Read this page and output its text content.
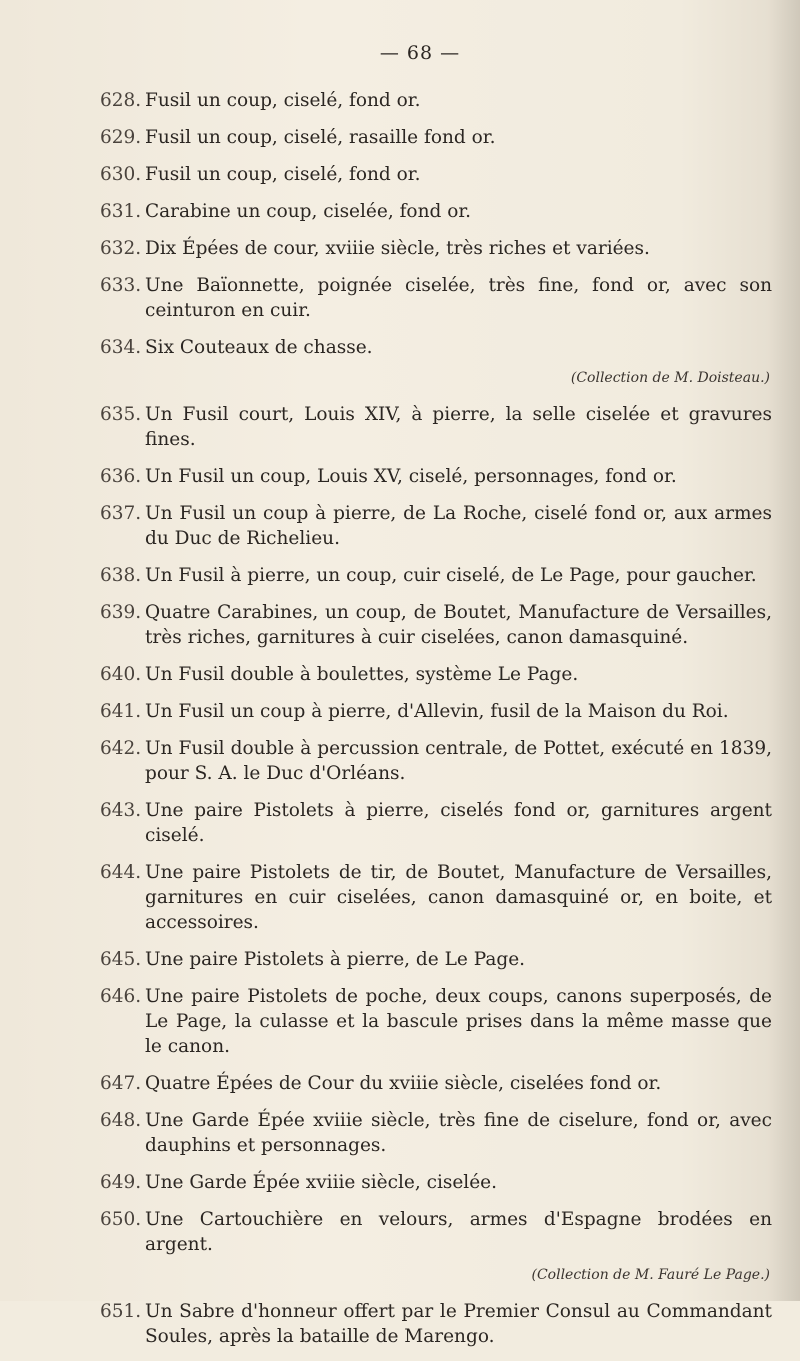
— 68 —
628. Fusil un coup, ciselé, fond or.
629. Fusil un coup, ciselé, rasaille fond or.
630. Fusil un coup, ciselé, fond or.
631. Carabine un coup, ciselée, fond or.
632. Dix Épées de cour, xviiie siècle, très riches et variées.
633. Une Baïonnette, poignée ciselée, très fine, fond or, avec son ceinturon en cuir.
634. Six Couteaux de chasse.
(Collection de M. Doisteau.)
635. Un Fusil court, Louis XIV, à pierre, la selle ciselée et gravures fines.
636. Un Fusil un coup, Louis XV, ciselé, personnages, fond or.
637. Un Fusil un coup à pierre, de La Roche, ciselé fond or, aux armes du Duc de Richelieu.
638. Un Fusil à pierre, un coup, cuir ciselé, de Le Page, pour gaucher.
639. Quatre Carabines, un coup, de Boutet, Manufacture de Versailles, très riches, garnitures à cuir ciselées, canon damasquiné.
640. Un Fusil double à boulettes, système Le Page.
641. Un Fusil un coup à pierre, d'Allevin, fusil de la Maison du Roi.
642. Un Fusil double à percussion centrale, de Pottet, exécuté en 1839, pour S. A. le Duc d'Orléans.
643. Une paire Pistolets à pierre, ciselés fond or, garnitures argent ciselé.
644. Une paire Pistolets de tir, de Boutet, Manufacture de Versailles, garnitures en cuir ciselées, canon damasquiné or, en boite, et accessoires.
645. Une paire Pistolets à pierre, de Le Page.
646. Une paire Pistolets de poche, deux coups, canons superposés, de Le Page, la culasse et la bascule prises dans la même masse que le canon.
647. Quatre Épées de Cour du xviiie siècle, ciselées fond or.
648. Une Garde Épée xviiie siècle, très fine de ciselure, fond or, avec dauphins et personnages.
649. Une Garde Épée xviiie siècle, ciselée.
650. Une Cartouchière en velours, armes d'Espagne brodées en argent.
(Collection de M. Fauré Le Page.)
651. Un Sabre d'honneur offert par le Premier Consul au Commandant Soules, après la bataille de Marengo.
